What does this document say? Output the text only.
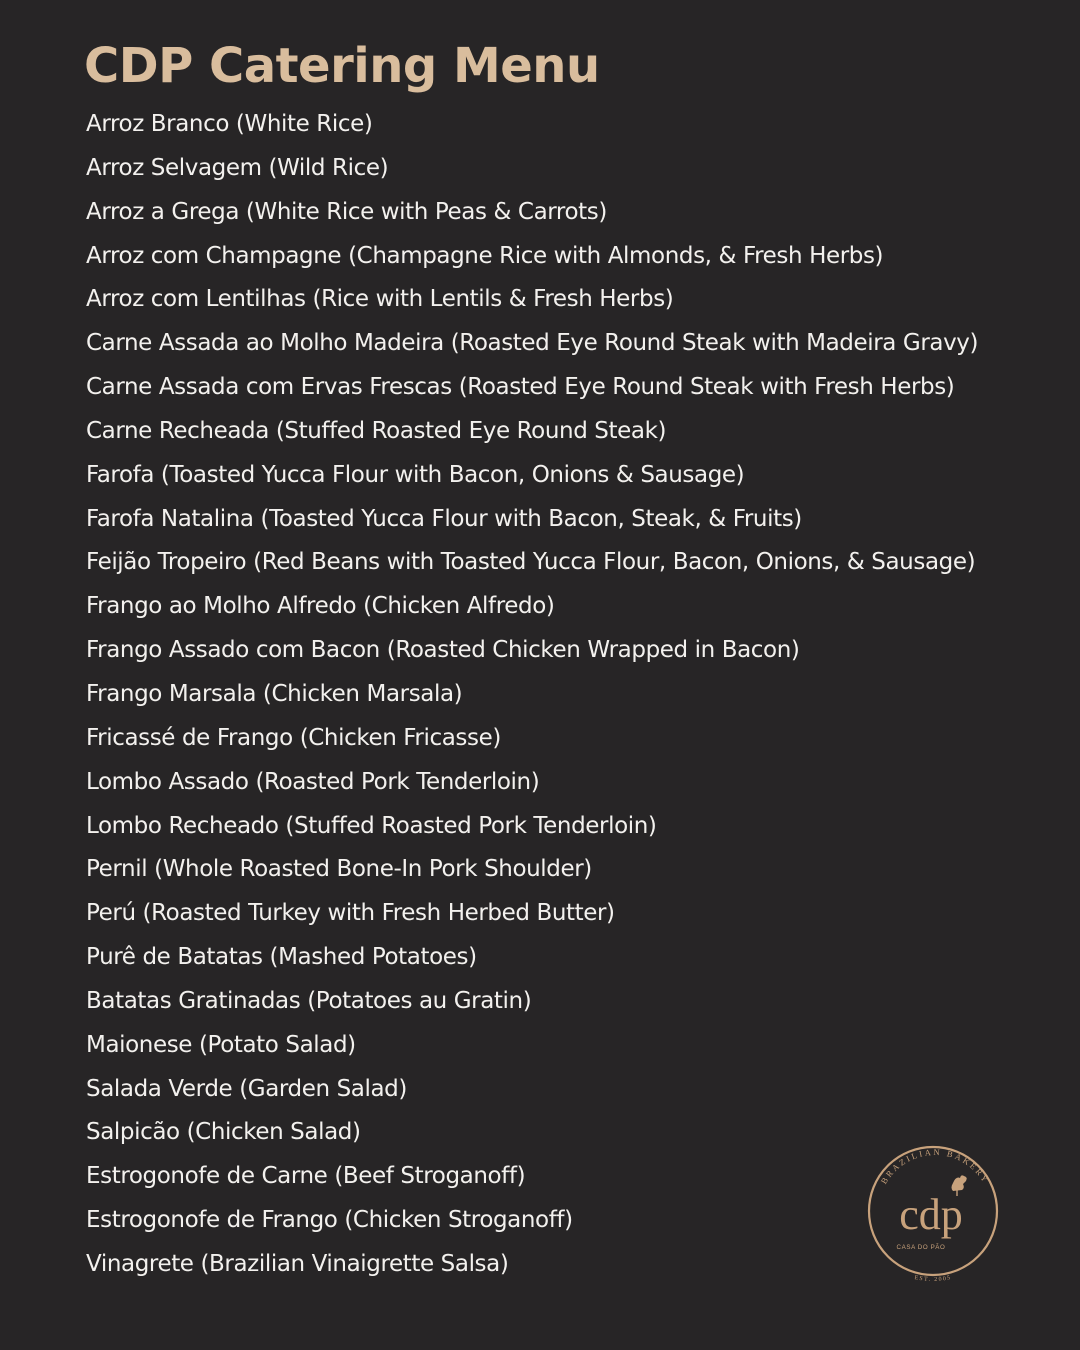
CDP Catering Menu
Arroz Branco (White Rice)
Arroz Selvagem (Wild Rice)
Arroz a Grega (White Rice with Peas & Carrots)
Arroz com Champagne (Champagne Rice with Almonds, & Fresh Herbs)
Arroz com Lentilhas (Rice with Lentils & Fresh Herbs)
Carne Assada ao Molho Madeira (Roasted Eye Round Steak with Madeira Gravy)
Carne Assada com Ervas Frescas (Roasted Eye Round Steak with Fresh Herbs)
Carne Recheada (Stuffed Roasted Eye Round Steak)
Farofa (Toasted Yucca Flour with Bacon, Onions & Sausage)
Farofa Natalina (Toasted Yucca Flour with Bacon, Steak, & Fruits)
Feijão Tropeiro (Red Beans with Toasted Yucca Flour, Bacon, Onions, & Sausage)
Frango ao Molho Alfredo (Chicken Alfredo)
Frango Assado com Bacon (Roasted Chicken Wrapped in Bacon)
Frango Marsala (Chicken Marsala)
Fricassé de Frango (Chicken Fricasse)
Lombo Assado (Roasted Pork Tenderloin)
Lombo Recheado (Stuffed Roasted Pork Tenderloin)
Pernil (Whole Roasted Bone-In Pork Shoulder)
Perú (Roasted Turkey with Fresh Herbed Butter)
Purê de Batatas (Mashed Potatoes)
Batatas Gratinadas (Potatoes au Gratin)
Maionese (Potato Salad)
Salada Verde (Garden Salad)
Salpicão (Chicken Salad)
Estrogonofe de Carne (Beef Stroganoff)
Estrogonofe de Frango (Chicken Stroganoff)
Vinagrete (Brazilian Vinaigrette Salsa)
BRAZILIAN BAKERY
cdp
CASA DO PÃO
EST. 2005
